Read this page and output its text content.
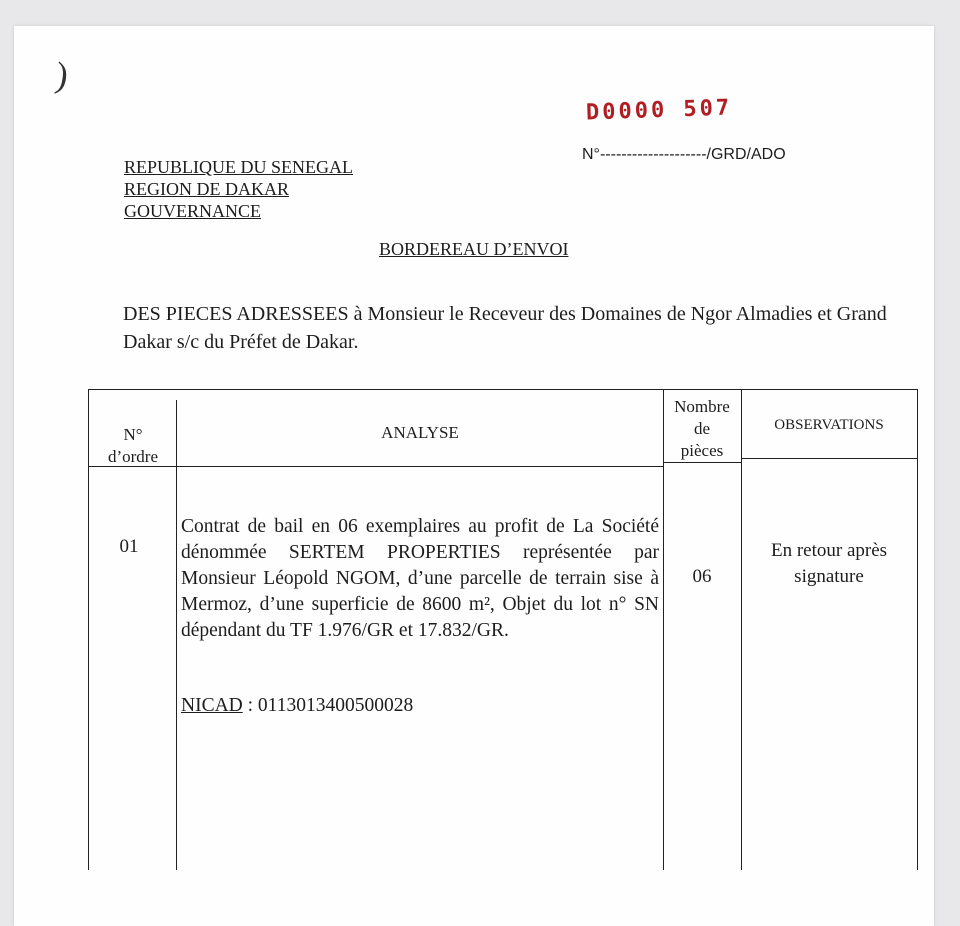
)
D0000 507
REPUBLIQUE DU SENEGAL
REGION DE DAKAR
GOUVERNANCE
N°--------------------/GRD/ADO
BORDEREAU D’ENVOI
DES PIECES ADRESSEES à Monsieur le Receveur des Domaines de Ngor Almadies et Grand Dakar s/c du Préfet de Dakar.
N°
d’ordre
ANALYSE
Nombre
de
pièces
OBSERVATIONS
01
Contrat de bail en 06 exemplaires au profit de La Société dénommée SERTEM PROPERTIES représentée par Monsieur Léopold NGOM, d’une parcelle de terrain sise à Mermoz, d’une superficie de 8600 m², Objet du lot n° SN dépendant du TF 1.976/GR et 17.832/GR.
NICAD : 0113013400500028
06
En retour après
signature
